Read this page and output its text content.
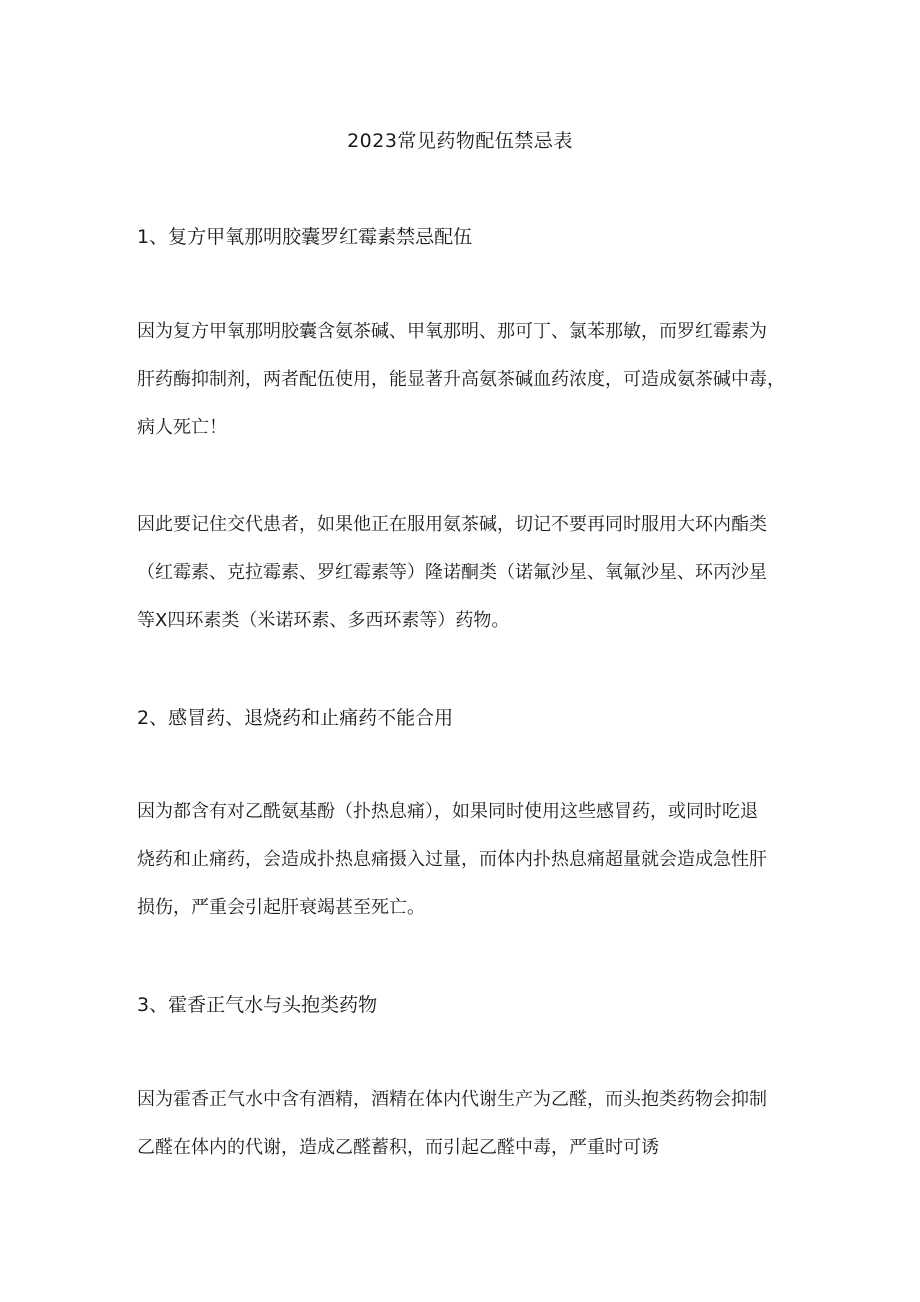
2023常见药物配伍禁忌表
1、复方甲氧那明胶囊罗红霉素禁忌配伍

因为复方甲氧那明胶囊含氨茶碱、甲氧那明、那可丁、氯苯那敏，而罗红霉素为
肝药酶抑制剂，两者配伍使用，能显著升高氨茶碱血药浓度，可造成氨茶碱中毒，
病人死亡！

因此要记住交代患者，如果他正在服用氨茶碱，切记不要再同时服用大环内酯类
（红霉素、克拉霉素、罗红霉素等）隆诺酮类（诺氟沙星、氧氟沙星、环丙沙星
等X四环素类（米诺环素、多西环素等）药物。

2、感冒药、退烧药和止痛药不能合用

因为都含有对乙酰氨基酚（扑热息痛），如果同时使用这些感冒药，或同时吃退
烧药和止痛药，会造成扑热息痛摄入过量，而体内扑热息痛超量就会造成急性肝
损伤，严重会引起肝衰竭甚至死亡。

3、霍香正气水与头抱类药物

因为霍香正气水中含有酒精，酒精在体内代谢生产为乙醛，而头抱类药物会抑制
乙醛在体内的代谢，造成乙醛蓄积，而引起乙醛中毒，严重时可诱
